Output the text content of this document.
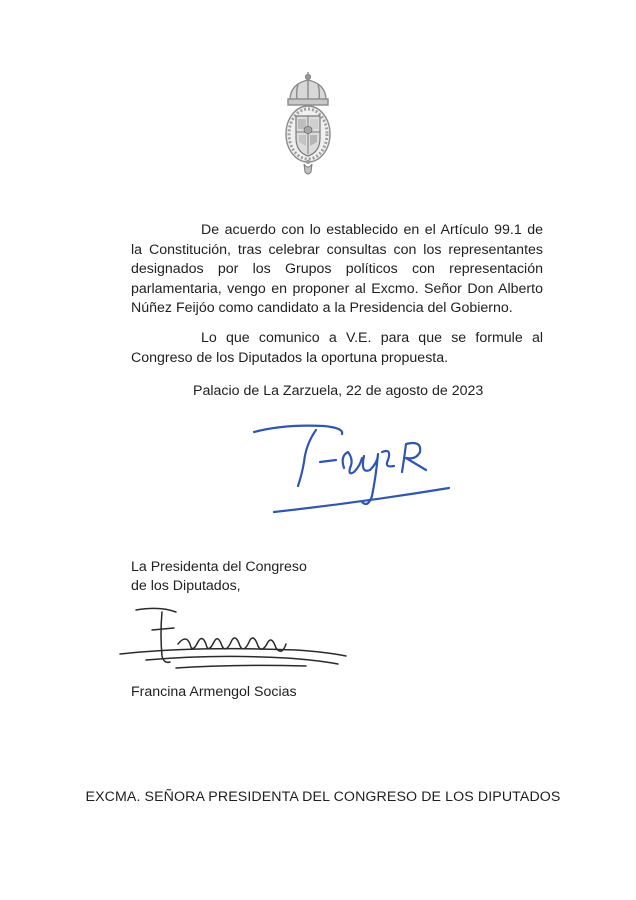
De acuerdo con lo establecido en el Artículo 99.1 de la Constitución, tras celebrar consultas con los representantes designados por los Grupos políticos con representación parlamentaria, vengo en proponer al Excmo. Señor Don Alberto Núñez Feijóo como candidato a la Presidencia del Gobierno.
Lo que comunico a V.E. para que se formule al Congreso de los Diputados la oportuna propuesta.
Palacio de La Zarzuela, 22 de agosto de 2023
La Presidenta del Congreso
de los Diputados,
Francina Armengol Socias
EXCMA. SEÑORA PRESIDENTA DEL CONGRESO DE LOS DIPUTADOS
